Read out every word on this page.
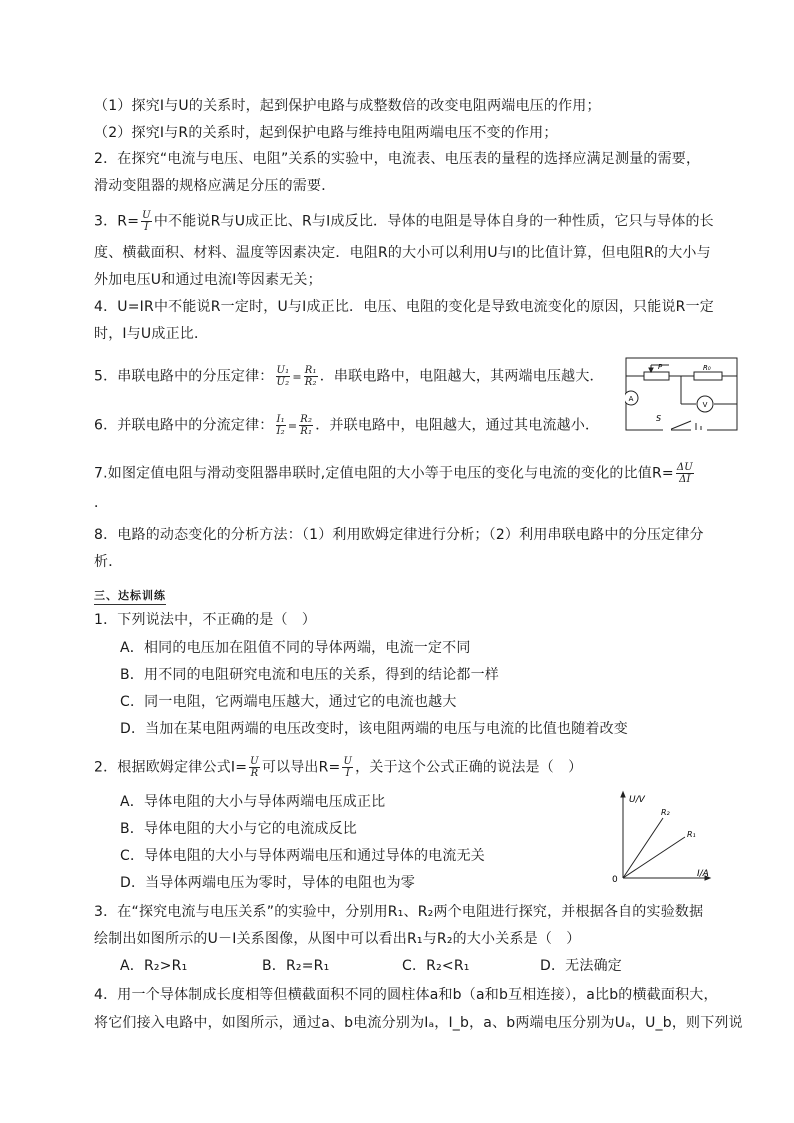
（1）探究I与U的关系时，起到保护电路与成整数倍的改变电阻两端电压的作用；
（2）探究I与R的关系时，起到保护电路与维持电阻两端电压不变的作用；
2．在探究“电流与电压、电阻”关系的实验中，电流表、电压表的量程的选择应满足测量的需要，
滑动变阻器的规格应满足分压的需要．
3．$R= \frac{U}{I}$ 中不能说R与U成正比、R与I成反比．导体的电阻是导体自身的一种性质，它只与导体的长
度、横截面积、材料、温度等因素决定．电阻R的大小可以利用U与I的比值计算，但电阻R的大小与
外加电压U和通过电流I等因素无关；
4．U=IR中不能说R一定时，U与I成正比．电压、电阻的变化是导致电流变化的原因，只能说R一定
时，I与U成正比．
5．串联电路中的分压定律： $\frac{\text{U₁}}{\text{U₂}} = \frac{\text{R₁}}{\text{R₂}}$ ．串联电路中，电阻越大，其两端电压越大．
6．并联电路中的分流定律： $\frac{\text{I₁}}{\text{I₂}} = \frac{\text{R₂}}{\text{R₁}}$ ．并联电路中，电阻越大，通过其电流越小．
P	R₀
A
V
S
7.如图定值电阻与滑动变阻器串联时,定值电阻的大小等于电压的变化与电流的变化的比值$R= \frac{\Delta U}{\Delta I}$
．
8．电路的动态变化的分析方法：（1）利用欧姆定律进行分析；（2）利用串联电路中的分压定律分
析．
三、达标训练
1．下列说法中，不正确的是（　）
A．相同的电压加在阻值不同的导体两端，电流一定不同
B．用不同的电阻研究电流和电压的关系，得到的结论都一样
C．同一电阻，它两端电压越大，通过它的电流也越大
D．当加在某电阻两端的电压改变时，该电阻两端的电压与电流的比值也随着改变
2．根据欧姆定律公式$I= \frac{U}{R}$ 可以导出$R= \frac{U}{I}$ ，关于这个公式正确的说法是（　）
A．导体电阻的大小与导体两端电压成正比
B．导体电阻的大小与它的电流成反比
C．导体电阻的大小与导体两端电压和通过导体的电流无关
D．当导体两端电压为零时，导体的电阻也为零
U/V
I/A
0
R₂
R₁
3．在“探究电流与电压关系”的实验中，分别用R₁、R₂两个电阻进行探究，并根据各自的实验数据
绘制出如图所示的U－I关系图像，从图中可以看出R₁与R₂的大小关系是（　）
A．R₂>R₁	B．R₂=R₁	C．R₂<R₁	D．无法确定
4．用一个导体制成长度相等但横截面积不同的圆柱体a和b（a和b互相连接），a比b的横截面积大，
将它们接入电路中，如图所示，通过a、b电流分别为Iₐ，I_b，a、b两端电压分别为Uₐ，U_b，则下列说
